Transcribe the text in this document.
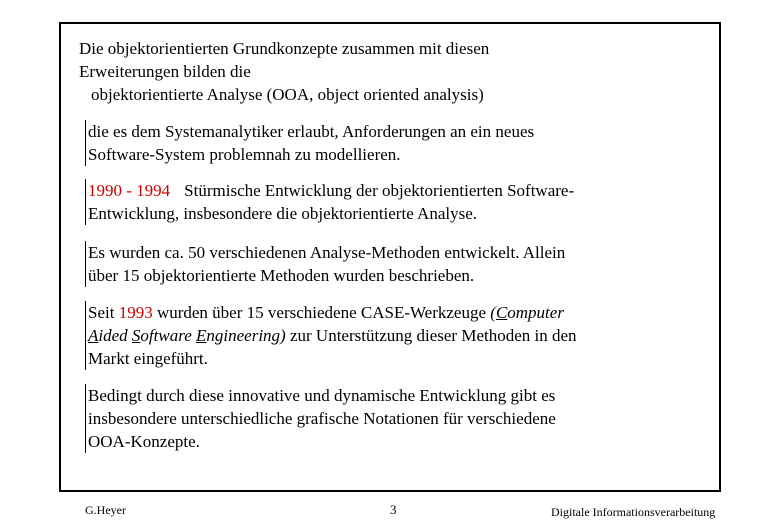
Die objektorientierten Grundkonzepte zusammen mit diesen
Erweiterungen bilden die
objektorientierte Analyse (OOA, object oriented analysis)
die es dem Systemanalytiker erlaubt, Anforderungen an ein neues
Software-System problemnah zu modellieren.
1990 - 1994 Stürmische Entwicklung der objektorientierten Software-
Entwicklung, insbesondere die objektorientierte Analyse.
Es wurden ca. 50 verschiedenen Analyse-Methoden entwickelt. Allein
über 15 objektorientierte Methoden wurden beschrieben.
Seit 1993 wurden über 15 verschiedene CASE-Werkzeuge (Computer
Aided Software Engineering) zur Unterstützung dieser Methoden in den
Markt eingeführt.
Bedingt durch diese innovative und dynamische Entwicklung gibt es
insbesondere unterschiedliche grafische Notationen für verschiedene
OOA-Konzepte.
G.Heyer	3	Digitale Informationsverarbeitung
